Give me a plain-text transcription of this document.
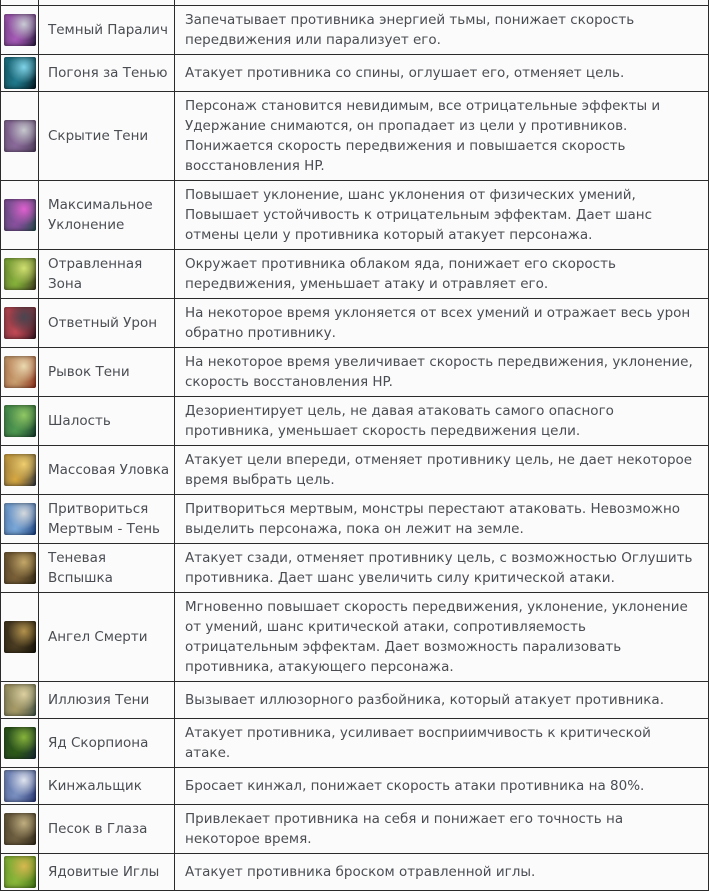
	Темный Паралич	Запечатывает противника энергией тьмы, понижает скорость передвижения или парализует его.

	Погоня за Тенью	Атакует противника со спины, оглушает его, отменяет цель.

	Скрытие Тени	Персонаж становится невидимым, все отрицательные эффекты и Удержание снимаются, он пропадает из цели у противников. Понижается скорость передвижения и повышается скорость восстановления HP.

	Максимальное Уклонение	Повышает уклонение, шанс уклонения от физических умений, Повышает устойчивость к отрицательным эффектам. Дает шанс отмены цели у противника который атакует персонажа.

	Отравленная Зона	Окружает противника облаком яда, понижает его скорость передвижения, уменьшает атаку и отравляет его.

	Ответный Урон	На некоторое время уклоняется от всех умений и отражает весь урон обратно противнику.

	Рывок Тени	На некоторое время увеличивает скорость передвижения, уклонение, скорость восстановления HP.

	Шалость	Дезориентирует цель, не давая атаковать самого опасного противника, уменьшает скорость передвижения цели.

	Массовая Уловка	Атакует цели впереди, отменяет противнику цель, не дает некоторое время выбрать цель.

	Притвориться Мертвым - Тень	Притвориться мертвым, монстры перестают атаковать. Невозможно выделить персонажа, пока он лежит на земле.

	Теневая Вспышка	Атакует сзади, отменяет противнику цель, с возможностью Оглушить противника. Дает шанс увеличить силу критической атаки.

	Ангел Смерти	Мгновенно повышает скорость передвижения, уклонение, уклонение от умений, шанс критической атаки, сопротивляемость отрицательным эффектам. Дает возможность парализовать противника, атакующего персонажа.

	Иллюзия Тени	Вызывает иллюзорного разбойника, который атакует противника.

	Яд Скорпиона	Атакует противника, усиливает восприимчивость к критической атаке.

	Кинжальщик	Бросает кинжал, понижает скорость атаки противника на 80%.

	Песок в Глаза	Привлекает противника на себя и понижает его точность на некоторое время.

	Ядовитые Иглы	Атакует противника броском отравленной иглы.
